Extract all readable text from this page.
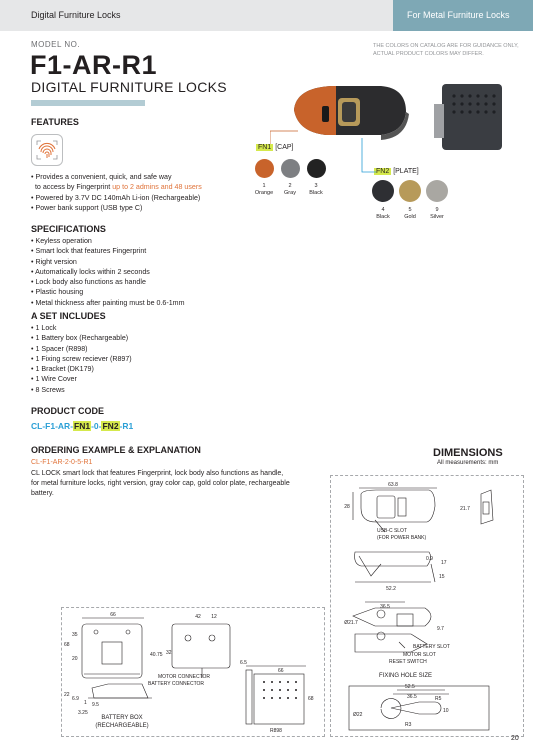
Digital Furniture Locks	For Metal Furniture Locks
MODEL NO.
F1-AR-R1
DIGITAL FURNITURE LOCKS
THE COLORS ON CATALOG ARE FOR GUIDANCE ONLY,
ACTUAL PRODUCT COLORS MAY DIFFER.
FEATURES
• Provides a convenient, quick, and safe way
to access by Fingerprint up to 2 admins and 48 users
• Powered by 3.7V DC 140mAh Li-ion (Rechargeable)
• Power bank support (USB type C)
SPECIFICATIONS
• Keyless operation
• Smart lock that features Fingerprint
• Right version
• Automatically locks within 2 seconds
• Lock body also functions as handle
• Plastic housing
• Metal thickness after painting must be 0.6-1mm
A SET INCLUDES
• 1 Lock
• 1 Battery box (Rechargeable)
• 1 Spacer (R898)
• 1 Fixing screw reciever (R897)
• 1 Bracket (DK179)
• 1 Wire Cover
• 8 Screws
PRODUCT CODE
CL-F1-AR-FN1-0-FN2-R1
ORDERING EXAMPLE & EXPLANATION
CL-F1-AR-2-0-5-R1
CL LOCK smart lock that features Fingerprint, lock body also functions as handle, for metal furniture locks, right version, gray color cap, gold color plate, rechargeable battery.
FN1 [CAP]
1
Orange
2
Gray
3
Black
FN2 [PLATE]
4
Black
5
Gold
9
Silver
DIMENSIONS
All measurements: mm
63.8
28	21.7
USB-C SLOT
(FOR POWER BANK)
0.9
17
15
52.2
36.5
Ø21.7
9.7
BATTERY SLOT
MOTOR SLOT
RESET SWITCH
FIXING HOLE SIZE
52.5
36.5
Ø22
R5
10
R3
66	42 12
35
68
20
40.75 32
MOTOR CONNECTOR
BATTERY CONNECTOR
22
6.9
1 9.5
3.25
BATTERY BOX
(RECHARGEABLE)
6.5
66
68
R898
20
